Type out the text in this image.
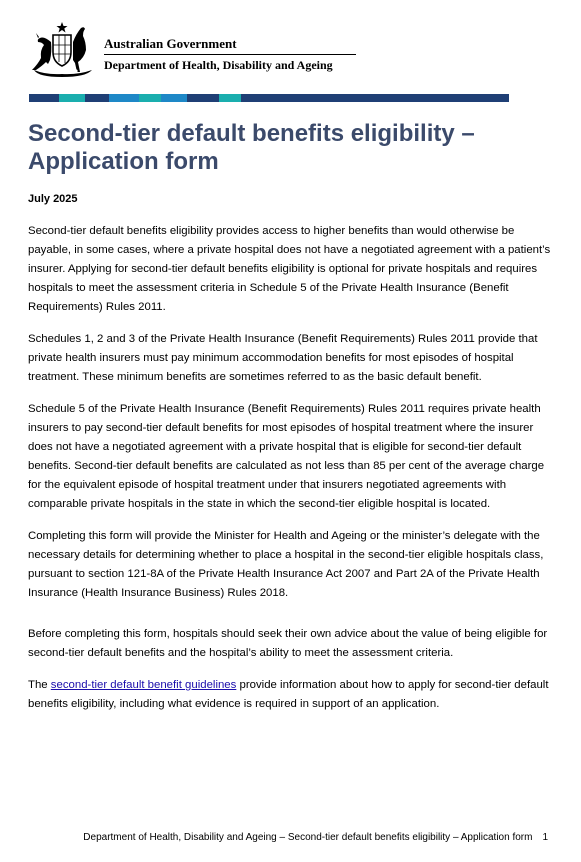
Australian Government
Department of Health, Disability and Ageing
Second-tier default benefits eligibility – Application form
July 2025

Second-tier default benefits eligibility provides access to higher benefits than would otherwise be payable, in some cases, where a private hospital does not have a negotiated agreement with a patient’s insurer. Applying for second-tier default benefits eligibility is optional for private hospitals and requires hospitals to meet the assessment criteria in Schedule 5 of the Private Health Insurance (Benefit Requirements) Rules 2011.

Schedules 1, 2 and 3 of the Private Health Insurance (Benefit Requirements) Rules 2011 provide that private health insurers must pay minimum accommodation benefits for most episodes of hospital treatment. These minimum benefits are sometimes referred to as the basic default benefit.

Schedule 5 of the Private Health Insurance (Benefit Requirements) Rules 2011 requires private health insurers to pay second-tier default benefits for most episodes of hospital treatment where the insurer does not have a negotiated agreement with a private hospital that is eligible for second-tier default benefits. Second-tier default benefits are calculated as not less than 85 per cent of the average charge for the equivalent episode of hospital treatment under that insurers negotiated agreements with comparable private hospitals in the state in which the second-tier eligible hospital is located.

Completing this form will provide the Minister for Health and Ageing or the minister’s delegate with the necessary details for determining whether to place a hospital in the second-tier eligible hospitals class, pursuant to section 121-8A of the Private Health Insurance Act 2007 and Part 2A of the Private Health Insurance (Health Insurance Business) Rules 2018.

Before completing this form, hospitals should seek their own advice about the value of being eligible for second-tier default benefits and the hospital’s ability to meet the assessment criteria.

The second-tier default benefit guidelines provide information about how to apply for second-tier default benefits eligibility, including what evidence is required in support of an application.

Department of Health, Disability and Ageing – Second-tier default benefits eligibility – Application form 1
